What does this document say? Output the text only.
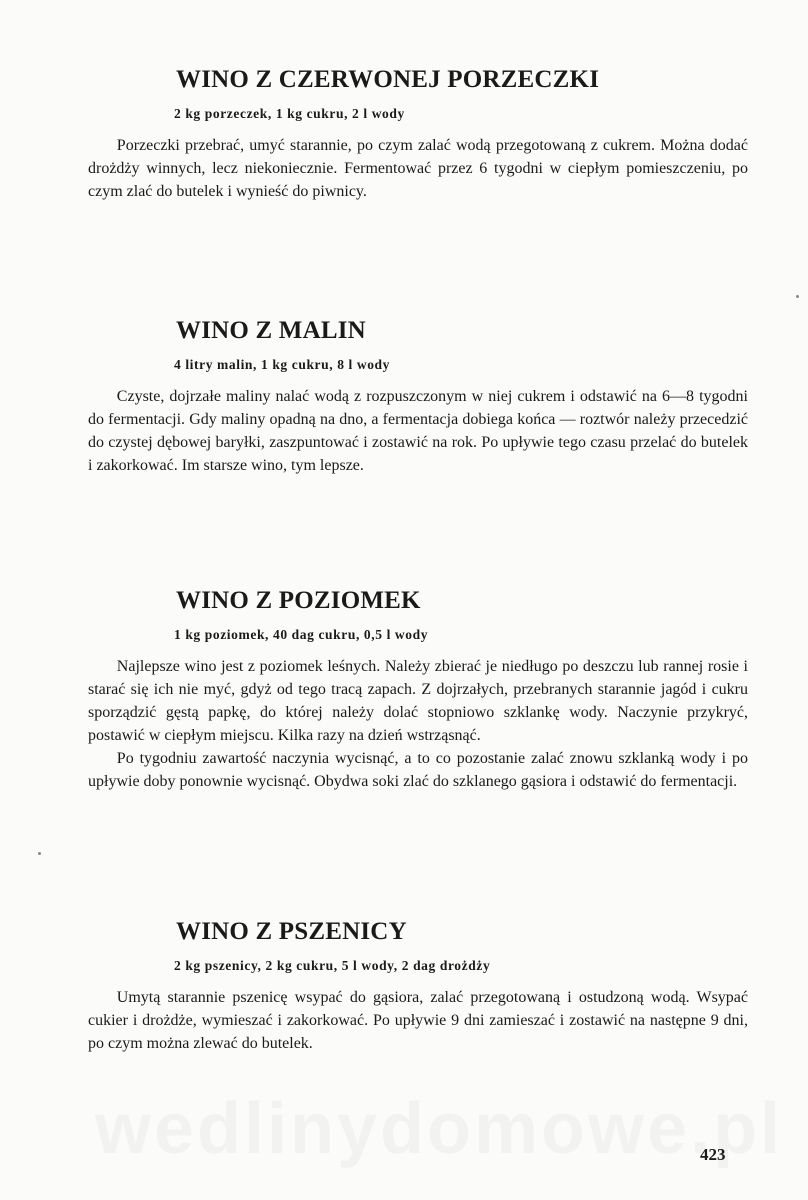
WINO Z CZERWONEJ PORZECZKI
2 kg porzeczek, 1 kg cukru, 2 l wody

Porzeczki przebrać, umyć starannie, po czym zalać wodą przegotowaną z cukrem. Można dodać drożdży winnych, lecz niekoniecznie. Fermentować przez 6 tygodni w ciepłym pomieszczeniu, po czym zlać do butelek i wynieść do piwnicy.

WINO Z MALIN
4 litry malin, 1 kg cukru, 8 l wody

Czyste, dojrzałe maliny nalać wodą z rozpuszczonym w niej cukrem i odstawić na 6—8 tygodni do fermentacji. Gdy maliny opadną na dno, a fermentacja dobiega końca — roztwór należy przecedzić do czystej dębowej baryłki, zaszpuntować i zostawić na rok. Po upływie tego czasu przelać do butelek i zakorkować. Im starsze wino, tym lepsze.

WINO Z POZIOMEK
1 kg poziomek, 40 dag cukru, 0,5 l wody

Najlepsze wino jest z poziomek leśnych. Należy zbierać je niedługo po deszczu lub rannej rosie i starać się ich nie myć, gdyż od tego tracą zapach. Z dojrzałych, przebranych starannie jagód i cukru sporządzić gęstą papkę, do której należy dolać stopniowo szklankę wody. Naczynie przykryć, postawić w ciepłym miejscu. Kilka razy na dzień wstrząsnąć.

Po tygodniu zawartość naczynia wycisnąć, a to co pozostanie zalać znowu szklanką wody i po upływie doby ponownie wycisnąć. Obydwa soki zlać do szklanego gąsiora i odstawić do fermentacji.

WINO Z PSZENICY
2 kg pszenicy, 2 kg cukru, 5 l wody, 2 dag drożdży

Umytą starannie pszenicę wsypać do gąsiora, zalać przegotowaną i ostudzoną wodą. Wsypać cukier i drożdże, wymieszać i zakorkować. Po upływie 9 dni zamieszać i zostawić na następne 9 dni, po czym można zlewać do butelek.

423
